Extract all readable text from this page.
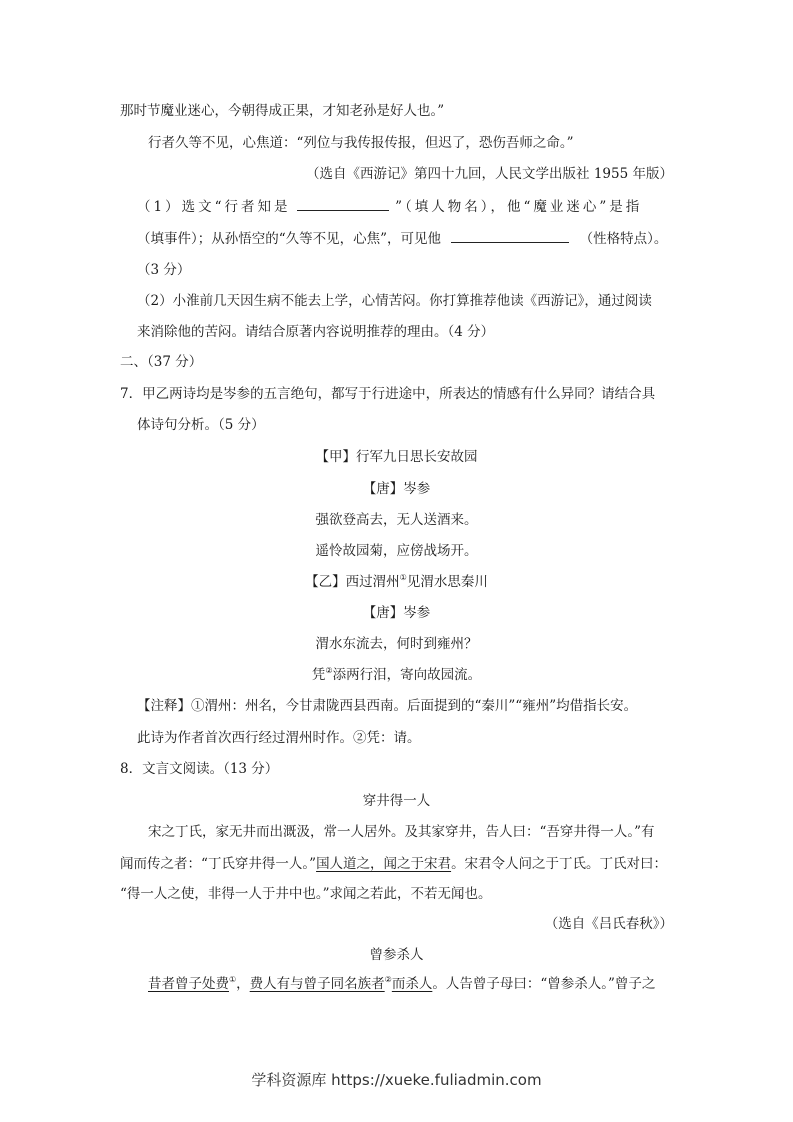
那时节魔业迷心，今朝得成正果，才知老孙是好人也。”
行者久等不见，心焦道：“列位与我传报传报，但迟了，恐伤吾师之命。”
（选自《西游记》第四十九回，人民文学出版社 1955 年版）
（1）选文“行者知是	”（填人物名），他“魔业迷心”是指
（填事件）；从孙悟空的“久等不见，心焦”，可见他	（性格特点）。
（3 分）
（2）小淮前几天因生病不能去上学，心情苦闷。你打算推荐他读《西游记》，通过阅读
来消除他的苦闷。请结合原著内容说明推荐的理由。（4 分）
二、（37 分）
7．甲乙两诗均是岑参的五言绝句，都写于行进途中，所表达的情感有什么异同？请结合具
体诗句分析。（5 分）
【甲】行军九日思长安故园
【唐】岑参
强欲登高去，无人送酒来。
遥怜故园菊，应傍战场开。
【乙】西过渭州①见渭水思秦川
【唐】岑参
渭水东流去，何时到雍州？
凭②添两行泪，寄向故园流。
【注释】①渭州：州名，今甘肃陇西县西南。后面提到的“秦川”“雍州”均借指长安。
此诗为作者首次西行经过渭州时作。②凭：请。
8．文言文阅读。（13 分）
穿井得一人
宋之丁氏，家无井而出溉汲，常一人居外。及其家穿井，告人曰：“吾穿井得一人。”有
闻而传之者：“丁氏穿井得一人。”国人道之，闻之于宋君。宋君令人问之于丁氏。丁氏对曰：
“得一人之使，非得一人于井中也。”求闻之若此，不若无闻也。
（选自《吕氏春秋》）
曾参杀人
昔者曾子处费①，费人有与曾子同名族者②而杀人。人告曾子母曰：“曾参杀人。”曾子之
学科资源库 https://xueke.fuliadmin.com
